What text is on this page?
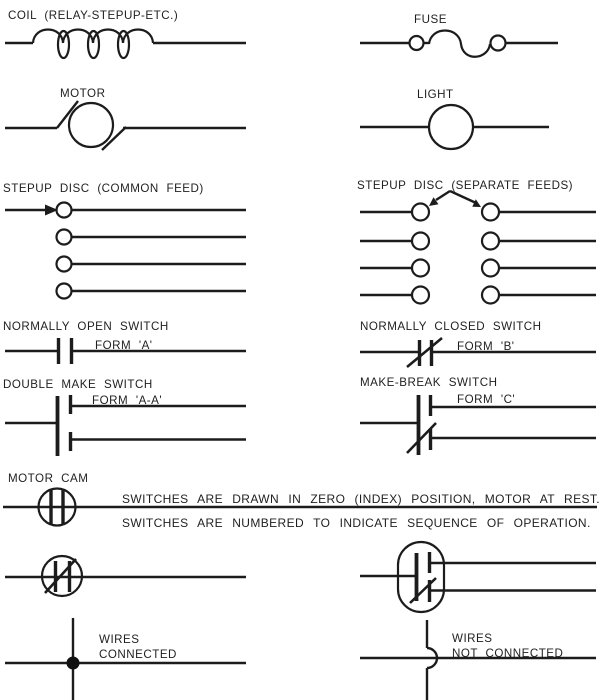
COIL (RELAY-STEPUP-ETC.)	FUSE
MOTOR	LIGHT
STEPUP DISC (COMMON FEED)	STEPUP DISC (SEPARATE FEEDS)
NORMALLY OPEN SWITCH
FORM 'A'
NORMALLY CLOSED SWITCH
FORM 'B'
DOUBLE MAKE SWITCH
FORM 'A-A'
MAKE-BREAK SWITCH
FORM 'C'
MOTOR CAM
SWITCHES ARE DRAWN IN ZERO (INDEX) POSITION, MOTOR AT REST.
SWITCHES ARE NUMBERED TO INDICATE SEQUENCE OF OPERATION.
WIRES
CONNECTED
WIRES
NOT CONNECTED
